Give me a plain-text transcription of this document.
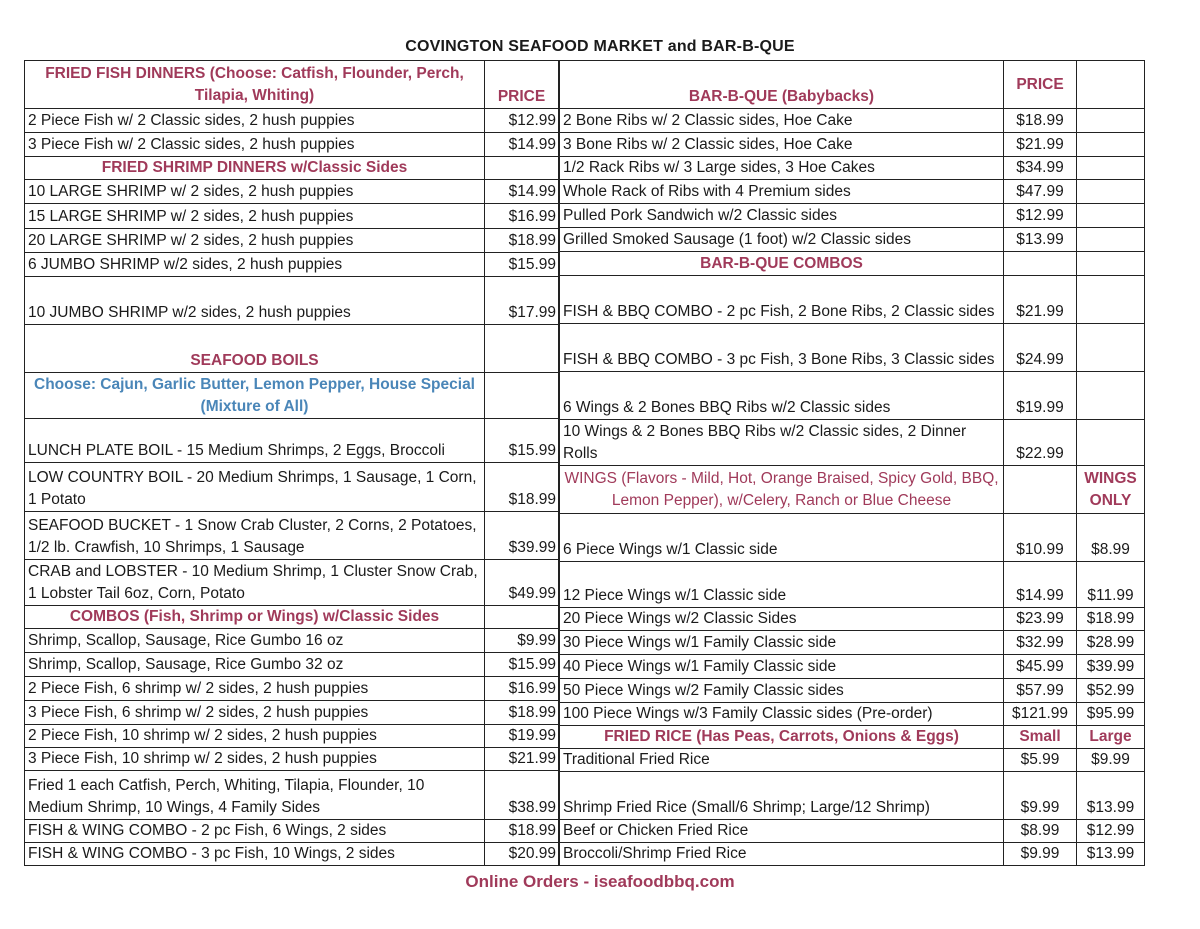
COVINGTON SEAFOOD MARKET and BAR-B-QUE
FRIED FISH DINNERS (Choose: Catfish, Flounder, Perch, Tilapia, Whiting)	PRICE
2 Piece Fish w/ 2 Classic sides, 2 hush puppies	$12.99
3 Piece Fish w/ 2 Classic sides, 2 hush puppies	$14.99
FRIED SHRIMP DINNERS w/Classic Sides	
10 LARGE SHRIMP w/ 2 sides, 2 hush puppies	$14.99
15 LARGE SHRIMP w/ 2 sides, 2 hush puppies	$16.99
20 LARGE SHRIMP w/ 2 sides, 2 hush puppies	$18.99
6 JUMBO SHRIMP w/2 sides, 2 hush puppies	$15.99
10 JUMBO SHRIMP w/2 sides, 2 hush puppies	$17.99
SEAFOOD BOILS	
Choose: Cajun, Garlic Butter, Lemon Pepper, House Special (Mixture of All)	
LUNCH PLATE BOIL - 15 Medium Shrimps, 2 Eggs, Broccoli	$15.99
LOW COUNTRY BOIL - 20 Medium Shrimps, 1 Sausage, 1 Corn, 1 Potato	$18.99
SEAFOOD BUCKET - 1 Snow Crab Cluster, 2 Corns, 2 Potatoes, 1/2 lb. Crawfish, 10 Shrimps, 1 Sausage	$39.99
CRAB and LOBSTER - 10 Medium Shrimp, 1 Cluster Snow Crab, 1 Lobster Tail 6oz, Corn, Potato	$49.99
COMBOS (Fish, Shrimp or Wings) w/Classic Sides	
Shrimp, Scallop, Sausage, Rice Gumbo 16 oz	$9.99
Shrimp, Scallop, Sausage, Rice Gumbo 32 oz	$15.99
2 Piece Fish, 6 shrimp w/ 2 sides, 2 hush puppies	$16.99
3 Piece Fish, 6 shrimp w/ 2 sides, 2 hush puppies	$18.99
2 Piece Fish, 10 shrimp w/ 2 sides, 2 hush puppies	$19.99
3 Piece Fish, 10 shrimp w/ 2 sides, 2 hush puppies	$21.99
Fried 1 each Catfish, Perch, Whiting, Tilapia, Flounder, 10 Medium Shrimp, 10 Wings, 4 Family Sides	$38.99
FISH & WING COMBO - 2 pc Fish, 6 Wings, 2 sides	$18.99
FISH & WING COMBO - 3 pc Fish, 10 Wings, 2 sides	$20.99
BAR-B-QUE (Babybacks)	PRICE	
2 Bone Ribs w/ 2 Classic sides, Hoe Cake	$18.99	
3 Bone Ribs w/ 2 Classic sides, Hoe Cake	$21.99	
1/2 Rack Ribs w/ 3 Large sides, 3 Hoe Cakes	$34.99	
Whole Rack of Ribs with 4 Premium sides	$47.99	
Pulled Pork Sandwich w/2 Classic sides	$12.99	
Grilled Smoked Sausage (1 foot) w/2 Classic sides	$13.99	
BAR-B-QUE COMBOS		
FISH & BBQ COMBO - 2 pc Fish, 2 Bone Ribs, 2 Classic sides	$21.99	
FISH & BBQ COMBO - 3 pc Fish, 3 Bone Ribs, 3 Classic sides	$24.99	
6 Wings & 2 Bones BBQ Ribs w/2 Classic sides	$19.99	
10 Wings & 2 Bones BBQ Ribs w/2 Classic sides, 2 Dinner Rolls	$22.99	
WINGS (Flavors - Mild, Hot, Orange Braised, Spicy Gold, BBQ, Lemon Pepper), w/Celery, Ranch or Blue Cheese		WINGS ONLY
6 Piece Wings w/1 Classic side	$10.99	$8.99
12 Piece Wings w/1 Classic side	$14.99	$11.99
20 Piece Wings w/2 Classic Sides	$23.99	$18.99
30 Piece Wings w/1 Family Classic side	$32.99	$28.99
40 Piece Wings w/1 Family Classic side	$45.99	$39.99
50 Piece Wings w/2 Family Classic sides	$57.99	$52.99
100 Piece Wings w/3 Family Classic sides (Pre-order)	$121.99	$95.99
FRIED RICE (Has Peas, Carrots, Onions & Eggs)	Small	Large
Traditional Fried Rice	$5.99	$9.99
Shrimp Fried Rice (Small/6 Shrimp; Large/12 Shrimp)	$9.99	$13.99
Beef or Chicken Fried Rice	$8.99	$12.99
Broccoli/Shrimp Fried Rice	$9.99	$13.99
Online Orders - iseafoodbbq.com
